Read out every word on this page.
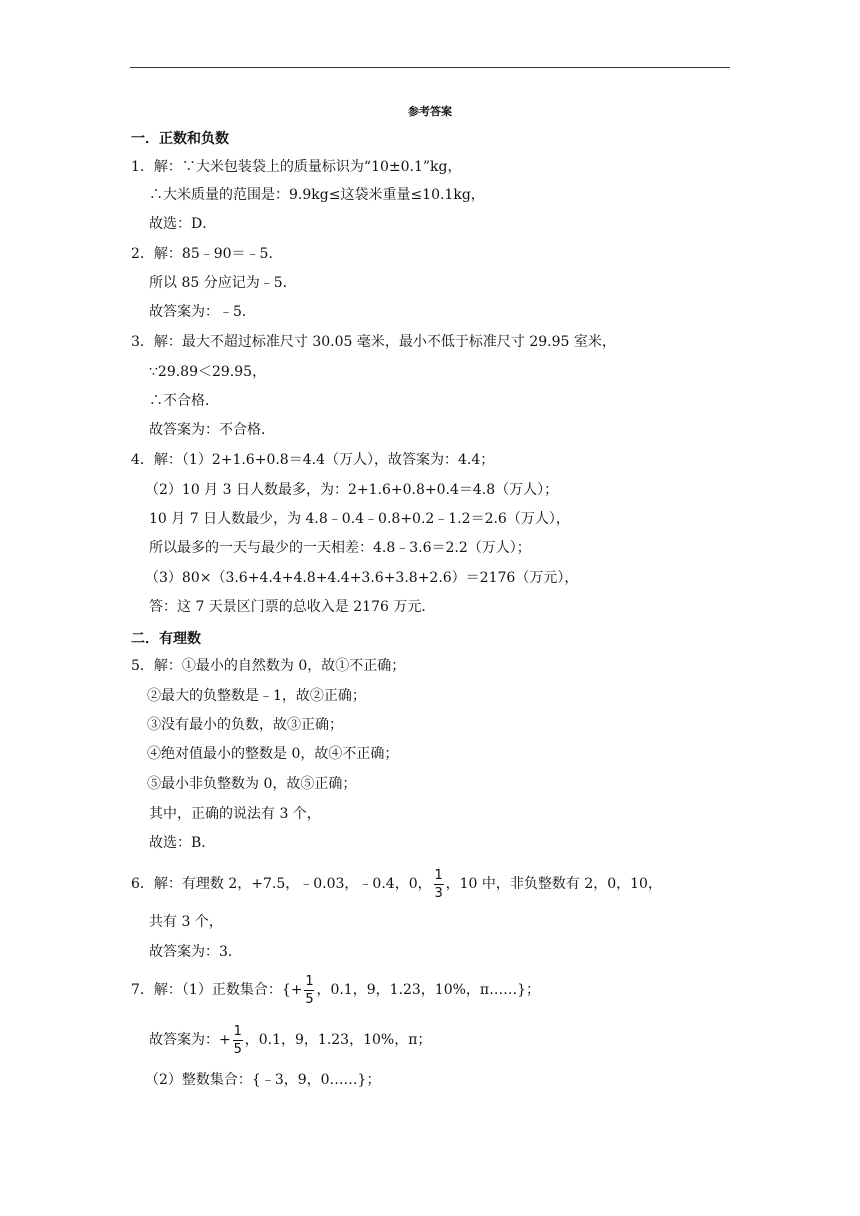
参考答案
一．正数和负数
1．解：∵大米包装袋上的质量标识为“10±0.1”kg，
∴大米质量的范围是：9.9kg≤这袋米重量≤10.1kg，
故选：D．
2．解：85﹣90＝﹣5．
所以 85 分应记为﹣5．
故答案为：﹣5．
3．解：最大不超过标准尺寸 30.05 毫米，最小不低于标准尺寸 29.95 室米，
∵29.89＜29.95，
∴不合格．
故答案为：不合格．
4．解：（1）2+1.6+0.8＝4.4（万人），故答案为：4.4；
（2）10 月 3 日人数最多，为：2+1.6+0.8+0.4＝4.8（万人）；
10 月 7 日人数最少，为 4.8﹣0.4﹣0.8+0.2﹣1.2＝2.6（万人），
所以最多的一天与最少的一天相差：4.8﹣3.6＝2.2（万人）；
（3）80×（3.6+4.4+4.8+4.4+3.6+3.8+2.6）＝2176（万元），
答：这 7 天景区门票的总收入是 2176 万元．
二．有理数
5．解：①最小的自然数为 0，故①不正确；
②最大的负整数是﹣1，故②正确；
③没有最小的负数，故③正确；
④绝对值最小的整数是 0，故④不正确；
⑤最小非负整数为 0，故⑤正确；
其中，正确的说法有 3 个，
故选：B．
6．解：有理数 2，+7.5，﹣0.03，﹣0.4，0， $\frac{1}{3}$ ，10 中，非负整数有 2，0，10，
共有 3 个，
故答案为：3．
7．解：（1）正数集合：{+ $\frac{1}{5}$ ，0.1，9，1.23，10%，π……}；
故答案为：+ $\frac{1}{5}$ ，0.1，9，1.23，10%，π；
（2）整数集合：{﹣3，9，0……}；
